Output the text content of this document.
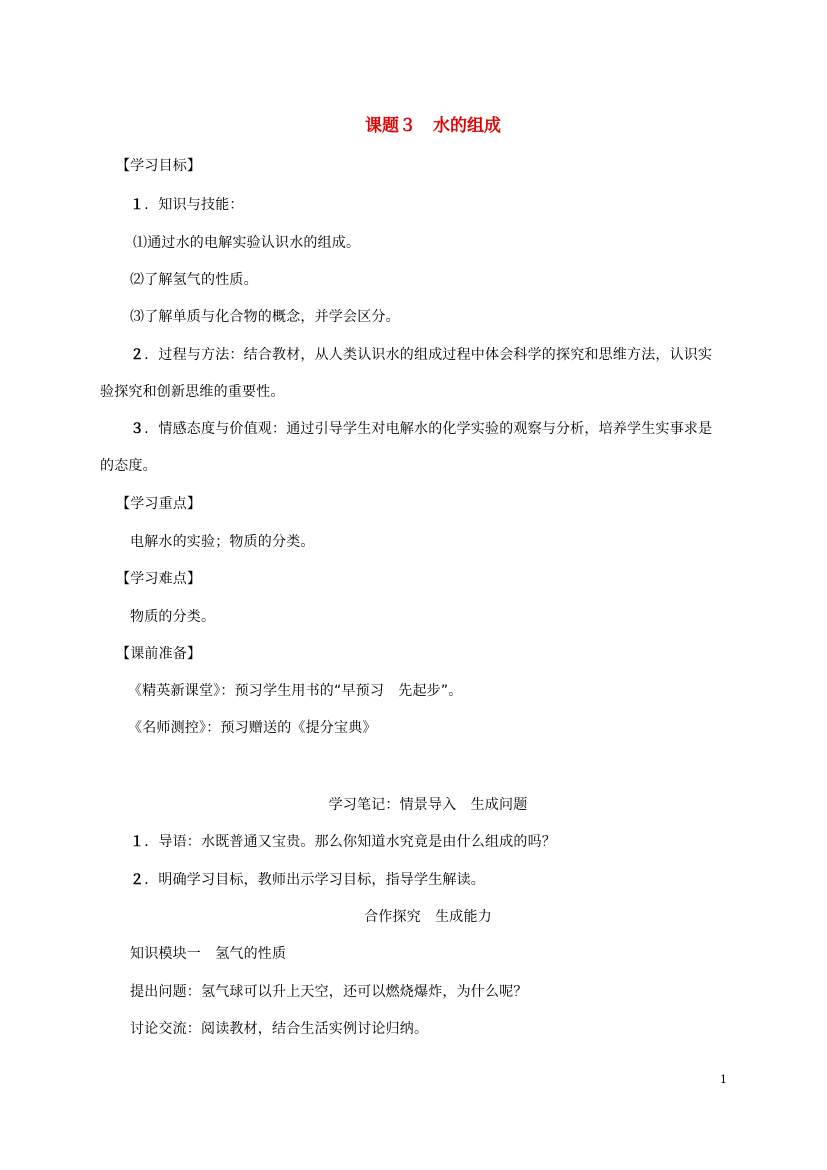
课题３　水的组成
【学习目标】
１．知识与技能：
⑴通过水的电解实验认识水的组成。
⑵了解氢气的性质。
⑶了解单质与化合物的概念，并学会区分。
２．过程与方法：结合教材，从人类认识水的组成过程中体会科学的探究和思维方法，认识实
验探究和创新思维的重要性。
３．情感态度与价值观：通过引导学生对电解水的化学实验的观察与分析，培养学生实事求是
的态度。
【学习重点】
电解水的实验；物质的分类。
【学习难点】
物质的分类。
【课前准备】
《精英新课堂》：预习学生用书的“早预习　先起步”。
《名师测控》：预习赠送的《提分宝典》
学习笔记：情景导入　生成问题
１．导语：水既普通又宝贵。那么你知道水究竟是由什么组成的吗？
２．明确学习目标，教师出示学习目标，指导学生解读。
合作探究　生成能力
知识模块一　氢气的性质
提出问题：氢气球可以升上天空，还可以燃烧爆炸，为什么呢？
讨论交流：阅读教材，结合生活实例讨论归纳。
1
